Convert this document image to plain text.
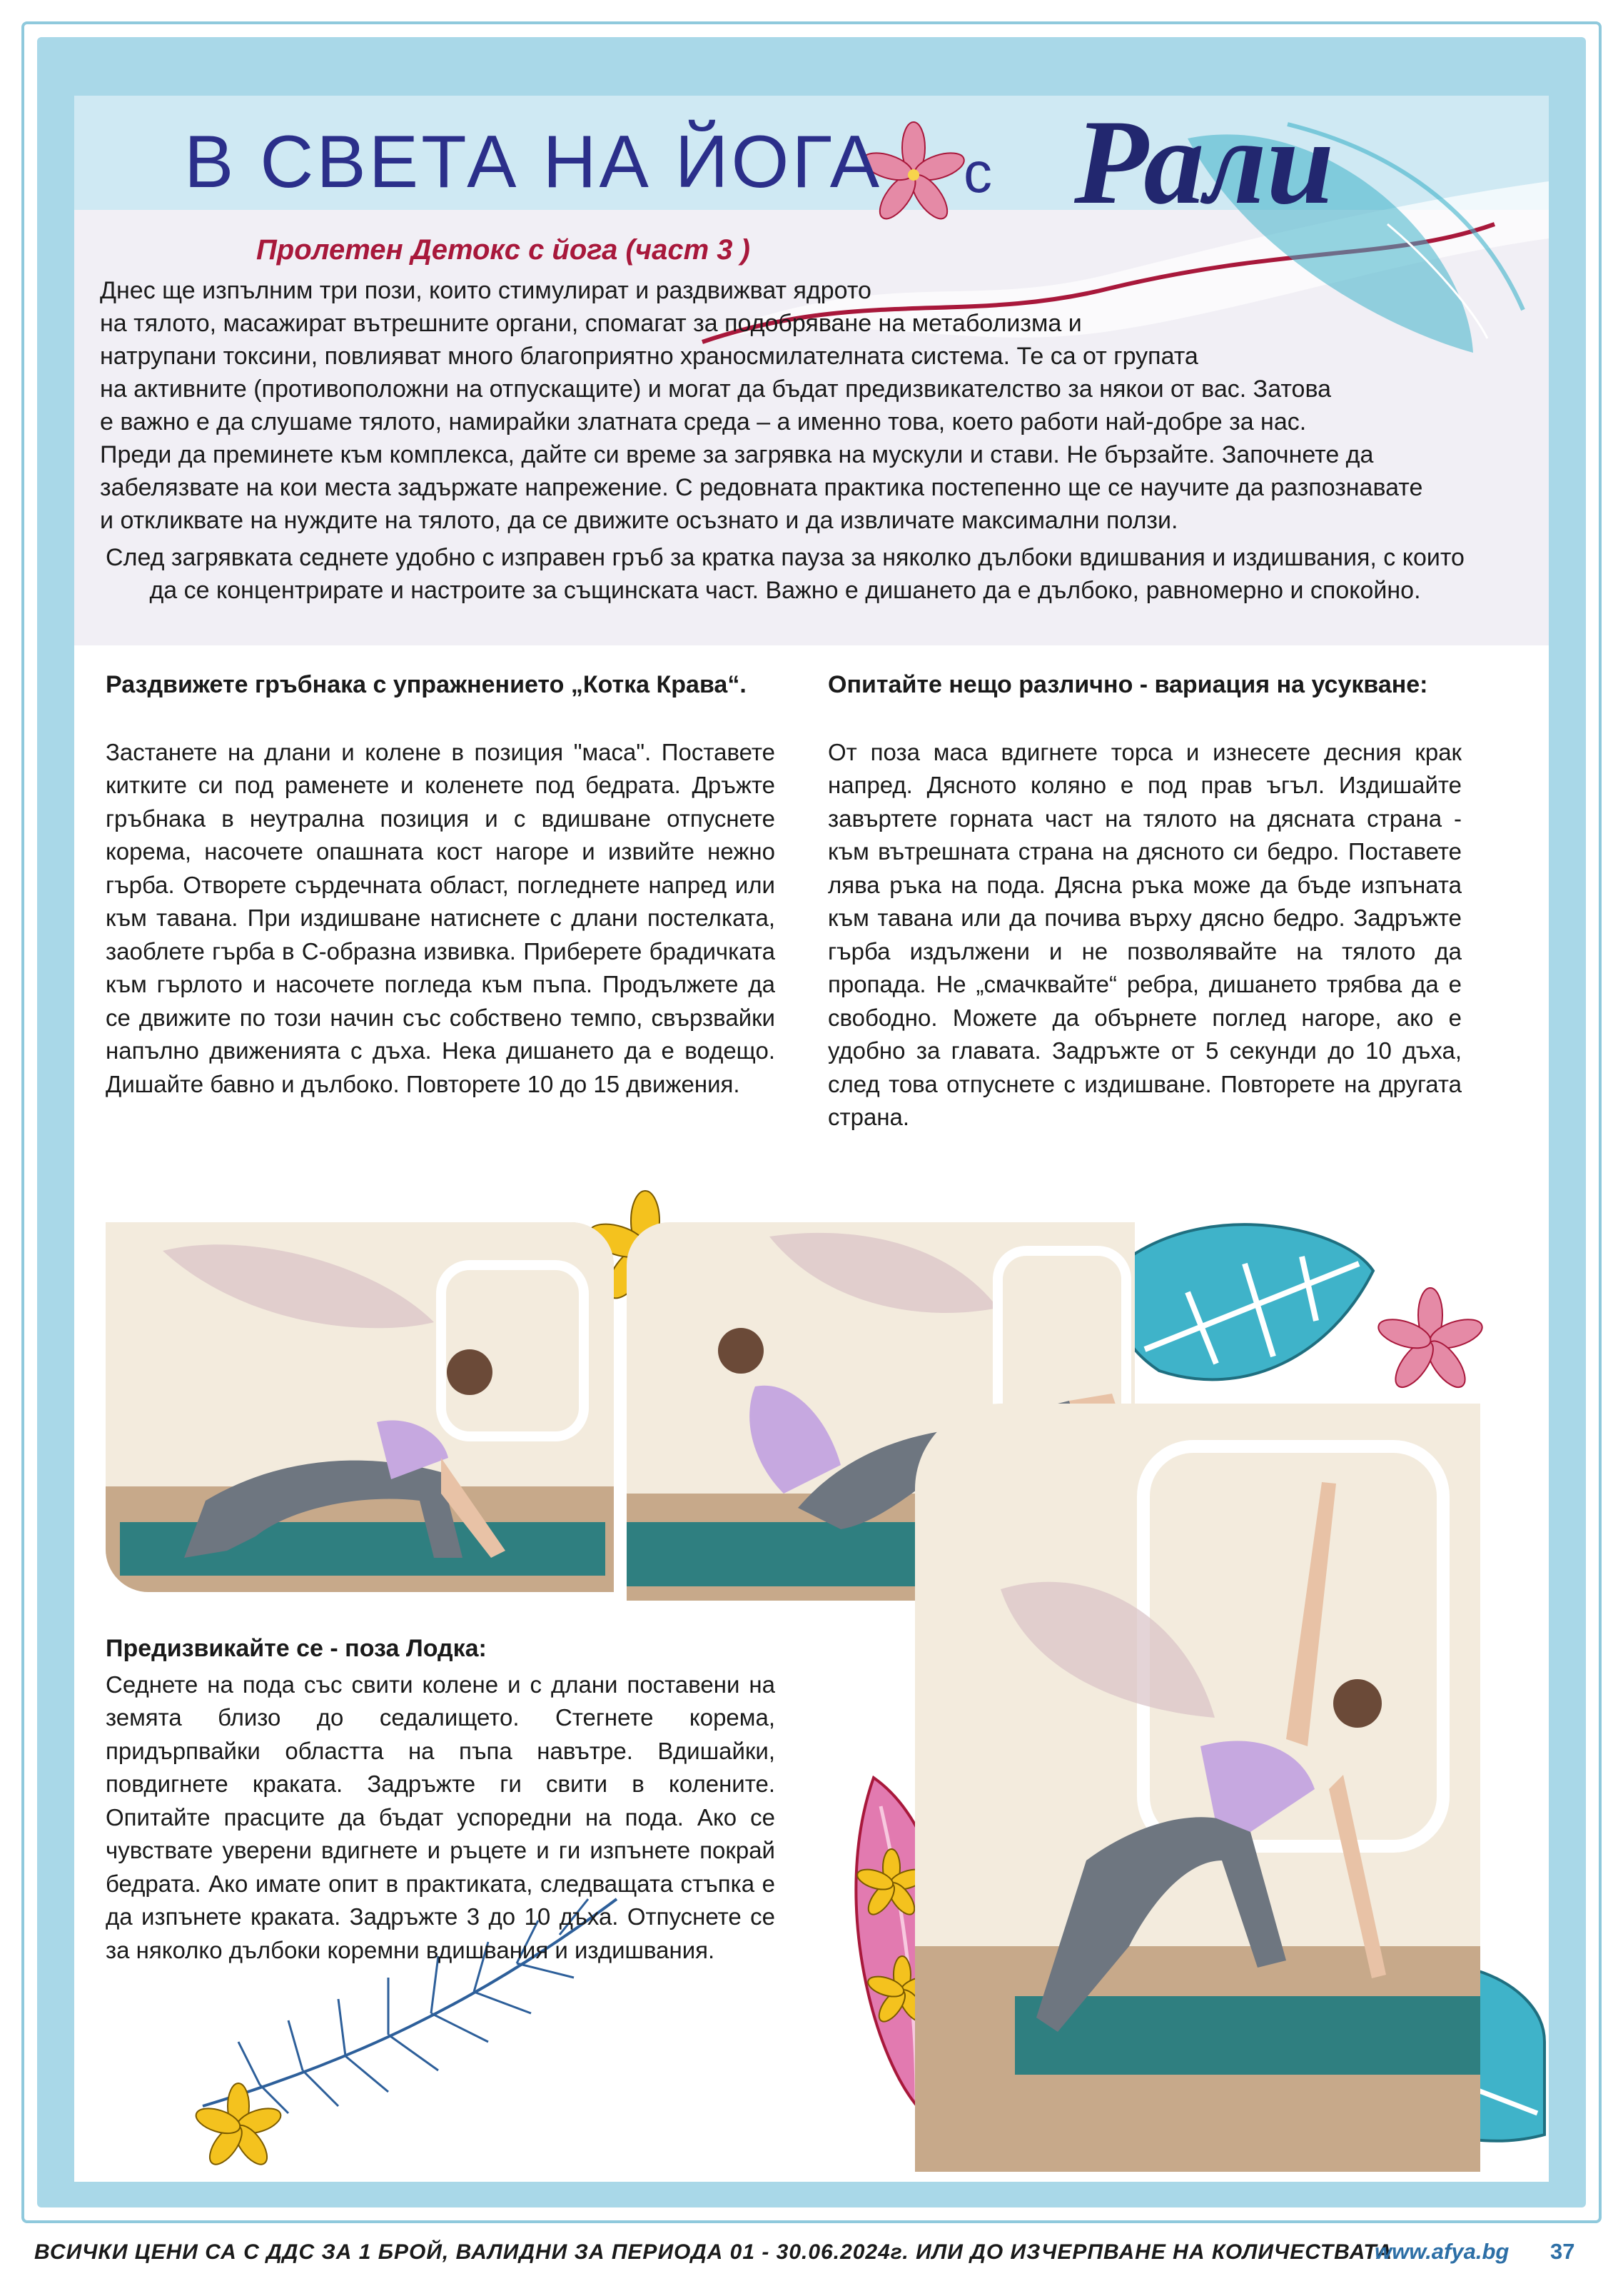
В СВЕТА НА ЙОГА с Рали
Пролетен Детокс с йога (част 3 )

Днес ще изпълним три пози, които стимулират и раздвижват ядрото

на тялото, масажират вътрешните органи, спомагат за подобряване на метаболизма и

натрупани токсини, повлияват много благоприятно храносмилателната система. Те са от групата

на активните (противоположни на отпускащите) и могат да бъдат предизвикателство за някои от вас. Затова

е важно е да слушаме тялото, намирайки златната среда – а именно това, което работи най-добре за нас.

Преди да преминете към комплекса, дайте си време за загрявка на мускули и стави. Не бързайте. Започнете да

забелязвате на кои места задържате напрежение. С редовната практика постепенно ще се научите да разпознавате

и откликвате на нуждите на тялото, да се движите осъзнато и да извличате максимални ползи.

След загрявката седнете удобно с изправен гръб за кратка пауза за няколко дълбоки вдишвания и издишвания, с които да се концентрирате и настроите за същинската част. Важно е дишането да е дълбоко, равномерно и спокойно.

Раздвижете гръбнака с упражнението „Котка Крава“.

Застанете на длани и колене в позиция "маса". Поставете китките си под раменете и коленете под бедрата. Дръжте гръбнака в неутрална позиция и с вдишване отпуснете корема, насочете опашната кост нагоре и извийте нежно гърба. Отворете сърдечната област, погледнете напред или към тавана. При издишване натиснете с длани постелката, заоблете гърба в С-образна извивка. Приберете брадичката към гърлото и насочете погледа към пъпа. Продължете да се движите по този начин със собствено темпо, свързвайки напълно движенията с дъха. Нека дишането да е водещо. Дишайте бавно и дълбоко. Повторете 10 до 15 движения.

Опитайте нещо различно - вариация на усукване:

От поза маса вдигнете торса и изнесете десния крак напред. Дясното коляно е под прав ъгъл. Издишайте завъртете горната част на тялото на дясната страна - към вътрешната страна на дясното си бедро. Поставете лява ръка на пода. Дясна ръка може да бъде изпъната към тавана или да почива върху дясно бедро. Задръжте гърба издължени и не позволявайте на тялото да пропада. Не „смачквайте“ ребра, дишането трябва да е свободно. Можете да обърнете поглед нагоре, ако е удобно за главата. Задръжте от 5 секунди до 10 дъха, след това отпуснете с издишване. Повторете на другата страна.

Предизвикайте се - поза Лодка:

Седнете на пода със свити колене и с длани поставени на земята близо до седалището. Стегнете корема, придърпвайки областта на пъпа навътре. Вдишайки, повдигнете краката. Задръжте ги свити в колените. Опитайте прасците да бъдат успоредни на пода. Ако се чувствате уверени вдигнете и ръцете и ги изпънете покрай бедрата. Ако имате опит в практиката, следващата стъпка е да изпънете краката. Задръжте 3 до 10 дъха. Отпуснете се за няколко дълбоки коремни вдишвания и издишвания.

ВСИЧКИ ЦЕНИ СА С ДДС ЗА 1 БРОЙ, ВАЛИДНИ ЗА ПЕРИОДА 01 - 30.06.2024г. ИЛИ ДО ИЗЧЕРПВАНЕ НА КОЛИЧЕСТВАТА
www.afya.bg 37
